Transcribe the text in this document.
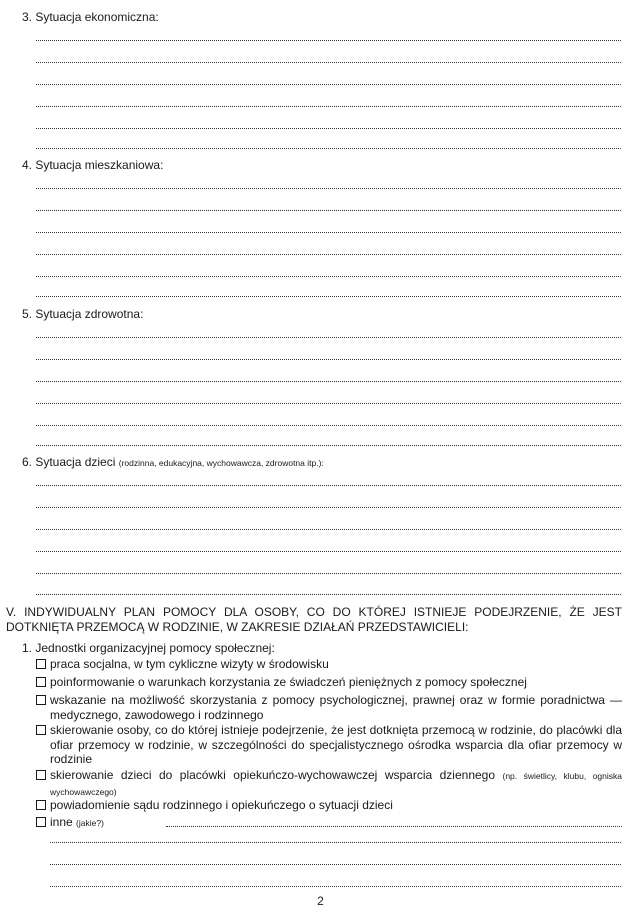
3. Sytuacja ekonomiczna:
4. Sytuacja mieszkaniowa:
5. Sytuacja zdrowotna:
6. Sytuacja dzieci (rodzinna, edukacyjna, wychowawcza, zdrowotna itp.):
V. INDYWIDUALNY PLAN POMOCY DLA OSOBY, CO DO KTÓREJ ISTNIEJE PODEJRZENIE, ŻE JEST DOTKNIĘTA PRZEMOCĄ W RODZINIE, W ZAKRESIE DZIAŁAŃ PRZEDSTAWICIELI:
1. Jednostki organizacyjnej pomocy społecznej:
praca socjalna, w tym cykliczne wizyty w środowisku
poinformowanie o warunkach korzystania ze świadczeń pieniężnych z pomocy społecznej
wskazanie na możliwość skorzystania z pomocy psychologicznej, prawnej oraz w formie poradnictwa — medycznego, zawodowego i rodzinnego
skierowanie osoby, co do której istnieje podejrzenie, że jest dotknięta przemocą w rodzinie, do placówki dla ofiar przemocy w rodzinie, w szczególności do specjalistycznego ośrodka wsparcia dla ofiar przemocy w rodzinie
skierowanie dzieci do placówki opiekuńczo-wychowawczej wsparcia dziennego (np. świetlicy, klubu, ogniska wychowawczego)
powiadomienie sądu rodzinnego i opiekuńczego o sytuacji dzieci
inne (jakie?)
2
